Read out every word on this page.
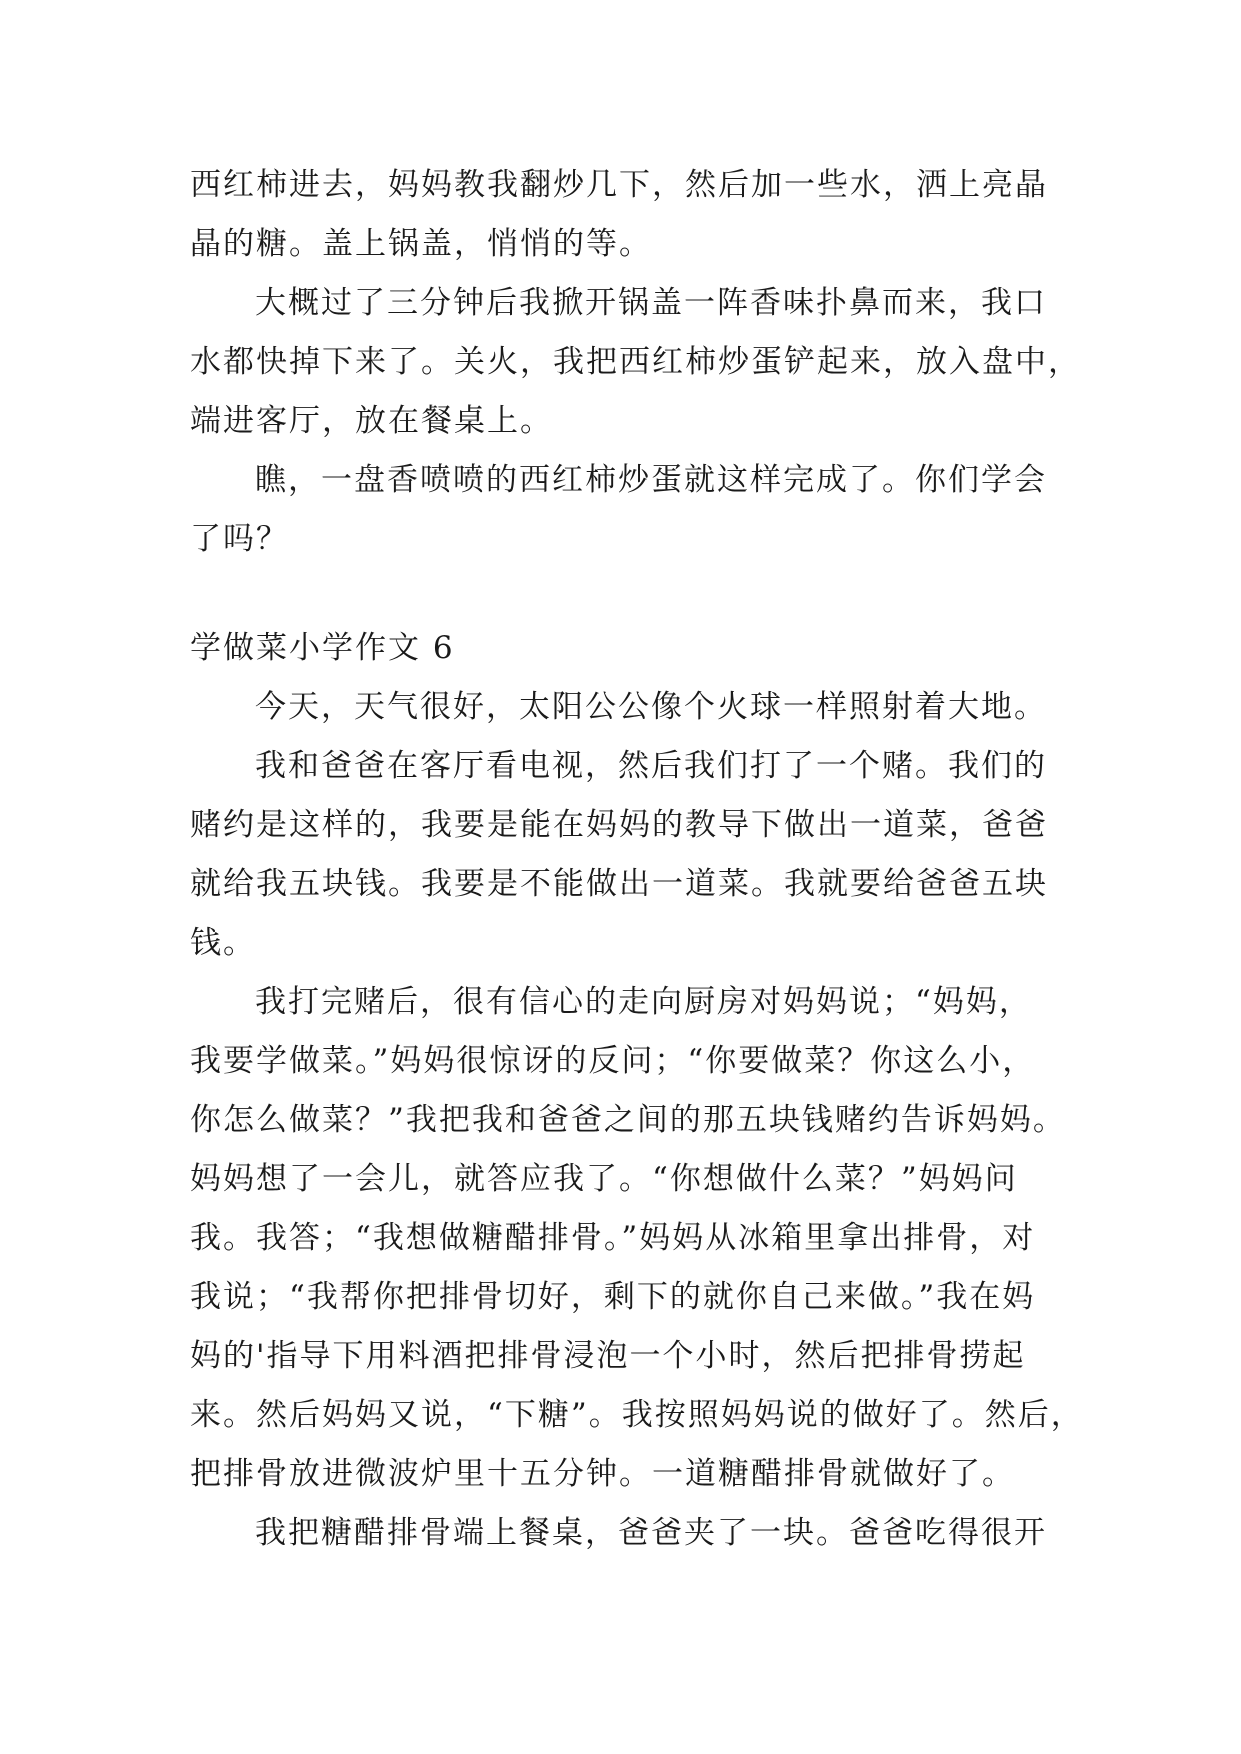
西红柿进去，妈妈教我翻炒几下，然后加一些水，洒上亮晶
晶的糖。盖上锅盖，悄悄的等。
大概过了三分钟后我掀开锅盖一阵香味扑鼻而来，我口
水都快掉下来了。关火，我把西红柿炒蛋铲起来，放入盘中，
端进客厅，放在餐桌上。
瞧，一盘香喷喷的西红柿炒蛋就这样完成了。你们学会
了吗？
学做菜小学作文 6
今天，天气很好，太阳公公像个火球一样照射着大地。
我和爸爸在客厅看电视，然后我们打了一个赌。我们的
赌约是这样的，我要是能在妈妈的教导下做出一道菜，爸爸
就给我五块钱。我要是不能做出一道菜。我就要给爸爸五块
钱。
我打完赌后，很有信心的走向厨房对妈妈说；“妈妈，
我要学做菜。”妈妈很惊讶的反问；“你要做菜？你这么小，
你怎么做菜？”我把我和爸爸之间的那五块钱赌约告诉妈妈。
妈妈想了一会儿，就答应我了。“你想做什么菜？”妈妈问
我。我答；“我想做糖醋排骨。”妈妈从冰箱里拿出排骨，对
我说；“我帮你把排骨切好，剩下的就你自己来做。”我在妈
妈的'指导下用料酒把排骨浸泡一个小时，然后把排骨捞起
来。然后妈妈又说，“下糖”。我按照妈妈说的做好了。然后，
把排骨放进微波炉里十五分钟。一道糖醋排骨就做好了。
我把糖醋排骨端上餐桌，爸爸夹了一块。爸爸吃得很开
